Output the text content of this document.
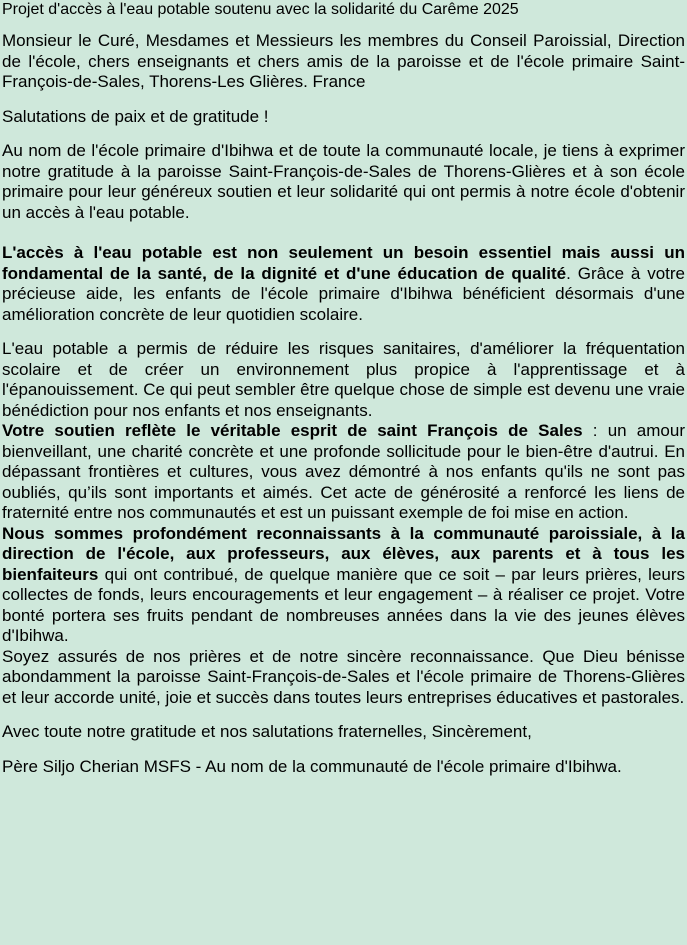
Projet d'accès à l'eau potable soutenu avec la solidarité du Carême 2025

Monsieur le Curé, Mesdames et Messieurs les membres du Conseil Paroissial, Direction de l'école, chers enseignants et chers amis de la paroisse et de l'école primaire Saint-François-de-Sales, Thorens-Les Glières. France

Salutations de paix et de gratitude !

Au nom de l'école primaire d'Ibihwa et de toute la communauté locale, je tiens à exprimer notre gratitude à la paroisse Saint-François-de-Sales de Thorens-Glières et à son école primaire pour leur généreux soutien et leur solidarité qui ont permis à notre école d'obtenir un accès à l'eau potable.

L'accès à l'eau potable est non seulement un besoin essentiel mais aussi un fondamental de la santé, de la dignité et d'une éducation de qualité. Grâce à votre précieuse aide, les enfants de l'école primaire d'Ibihwa bénéficient désormais d'une amélioration concrète de leur quotidien scolaire.

L'eau potable a permis de réduire les risques sanitaires, d'améliorer la fréquentation scolaire et de créer un environnement plus propice à l'apprentissage et à l'épanouissement. Ce qui peut sembler être quelque chose de simple est devenu une vraie bénédiction pour nos enfants et nos enseignants.

Votre soutien reflète le véritable esprit de saint François de Sales : un amour bienveillant, une charité concrète et une profonde sollicitude pour le bien-être d'autrui. En dépassant frontières et cultures, vous avez démontré à nos enfants qu'ils ne sont pas oubliés, qu’ils sont importants et aimés. Cet acte de générosité a renforcé les liens de fraternité entre nos communautés et est un puissant exemple de foi mise en action.

Nous sommes profondément reconnaissants à la communauté paroissiale, à la direction de l'école, aux professeurs, aux élèves, aux parents et à tous les bienfaiteurs qui ont contribué, de quelque manière que ce soit – par leurs prières, leurs collectes de fonds, leurs encouragements et leur engagement – à réaliser ce projet. Votre bonté portera ses fruits pendant de nombreuses années dans la vie des jeunes élèves d'Ibihwa.

Soyez assurés de nos prières et de notre sincère reconnaissance. Que Dieu bénisse abondamment la paroisse Saint-François-de-Sales et l'école primaire de Thorens-Glières et leur accorde unité, joie et succès dans toutes leurs entreprises éducatives et pastorales.

Avec toute notre gratitude et nos salutations fraternelles, Sincèrement,

Père Siljo Cherian MSFS - Au nom de la communauté de l'école primaire d'Ibihwa.
